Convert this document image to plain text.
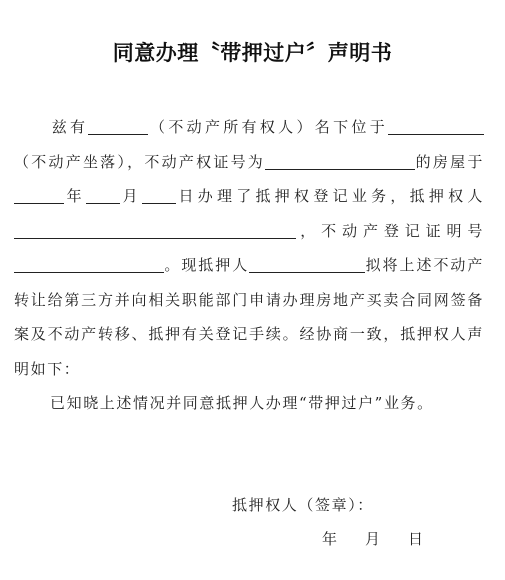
同意办理〝带押过户〞声明书

兹有	（不动产所有权人）名下位于（不动产坐落），不动产权证号为	的房屋于年 月 日办理了抵押权登记业务，抵押权人，不动产登记证明号。现抵押人	拟将上述不动产转让给第三方并向相关职能部门申请办理房地产买卖合同网签备案及不动产转移、抵押有关登记手续。经协商一致，抵押权人声明如下：

已知晓上述情况并同意抵押人办理“带押过户”业务。

抵押权人（签章）：
年 月 日
